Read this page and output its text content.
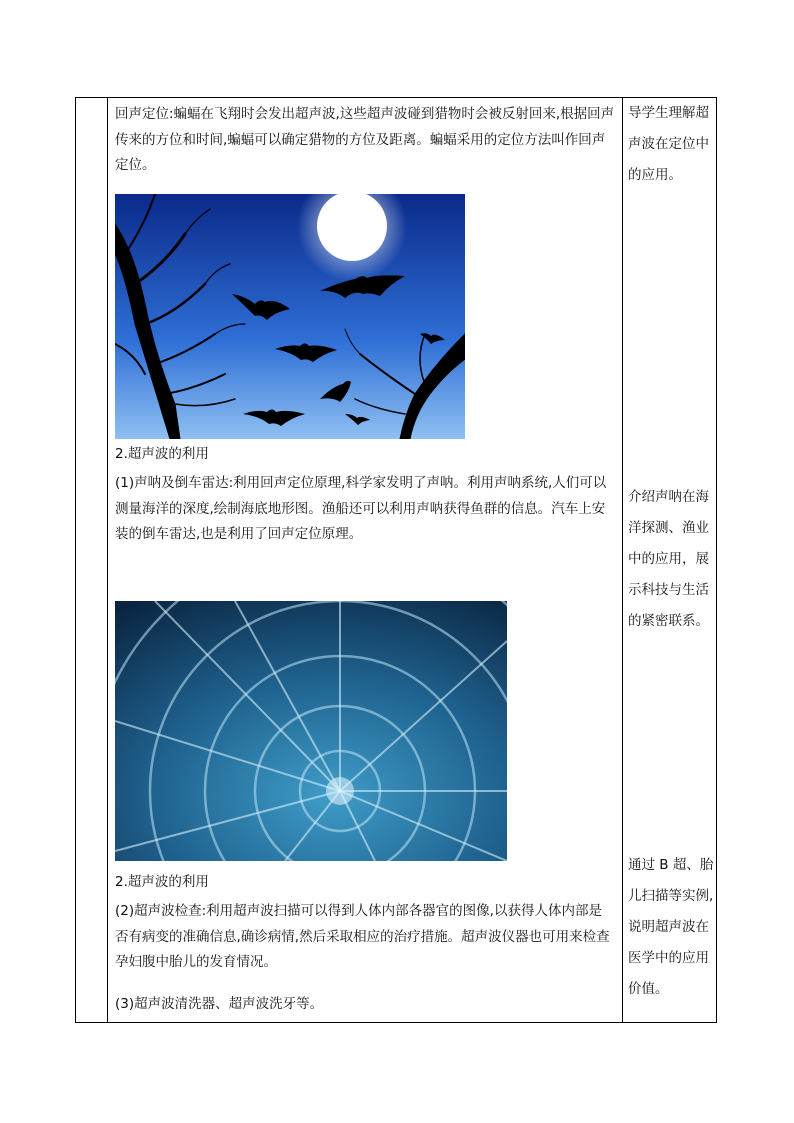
回声定位:蝙蝠在飞翔时会发出超声波,这些超声波碰到猎物时会被反射回来,根据回声传来的方位和时间,蝙蝠可以确定猎物的方位及距离。蝙蝠采用的定位方法叫作回声定位。

2.超声波的利用

(1)声呐及倒车雷达:利用回声定位原理,科学家发明了声呐。利用声呐系统,人们可以测量海洋的深度,绘制海底地形图。渔船还可以利用声呐获得鱼群的信息。汽车上安装的倒车雷达,也是利用了回声定位原理。

2.超声波的利用

(2)超声波检查:利用超声波扫描可以得到人体内部各器官的图像,以获得人体内部是否有病变的准确信息,确诊病情,然后采取相应的治疗措施。超声波仪器也可用来检查孕妇腹中胎儿的发育情况。

(3)超声波清洗器、超声波洗牙等。

导学生理解超声波在定位中的应用。

介绍声呐在海洋探测、渔业中的应用，展示科技与生活的紧密联系。

通过 B 超、胎儿扫描等实例,说明超声波在医学中的应用价值。
